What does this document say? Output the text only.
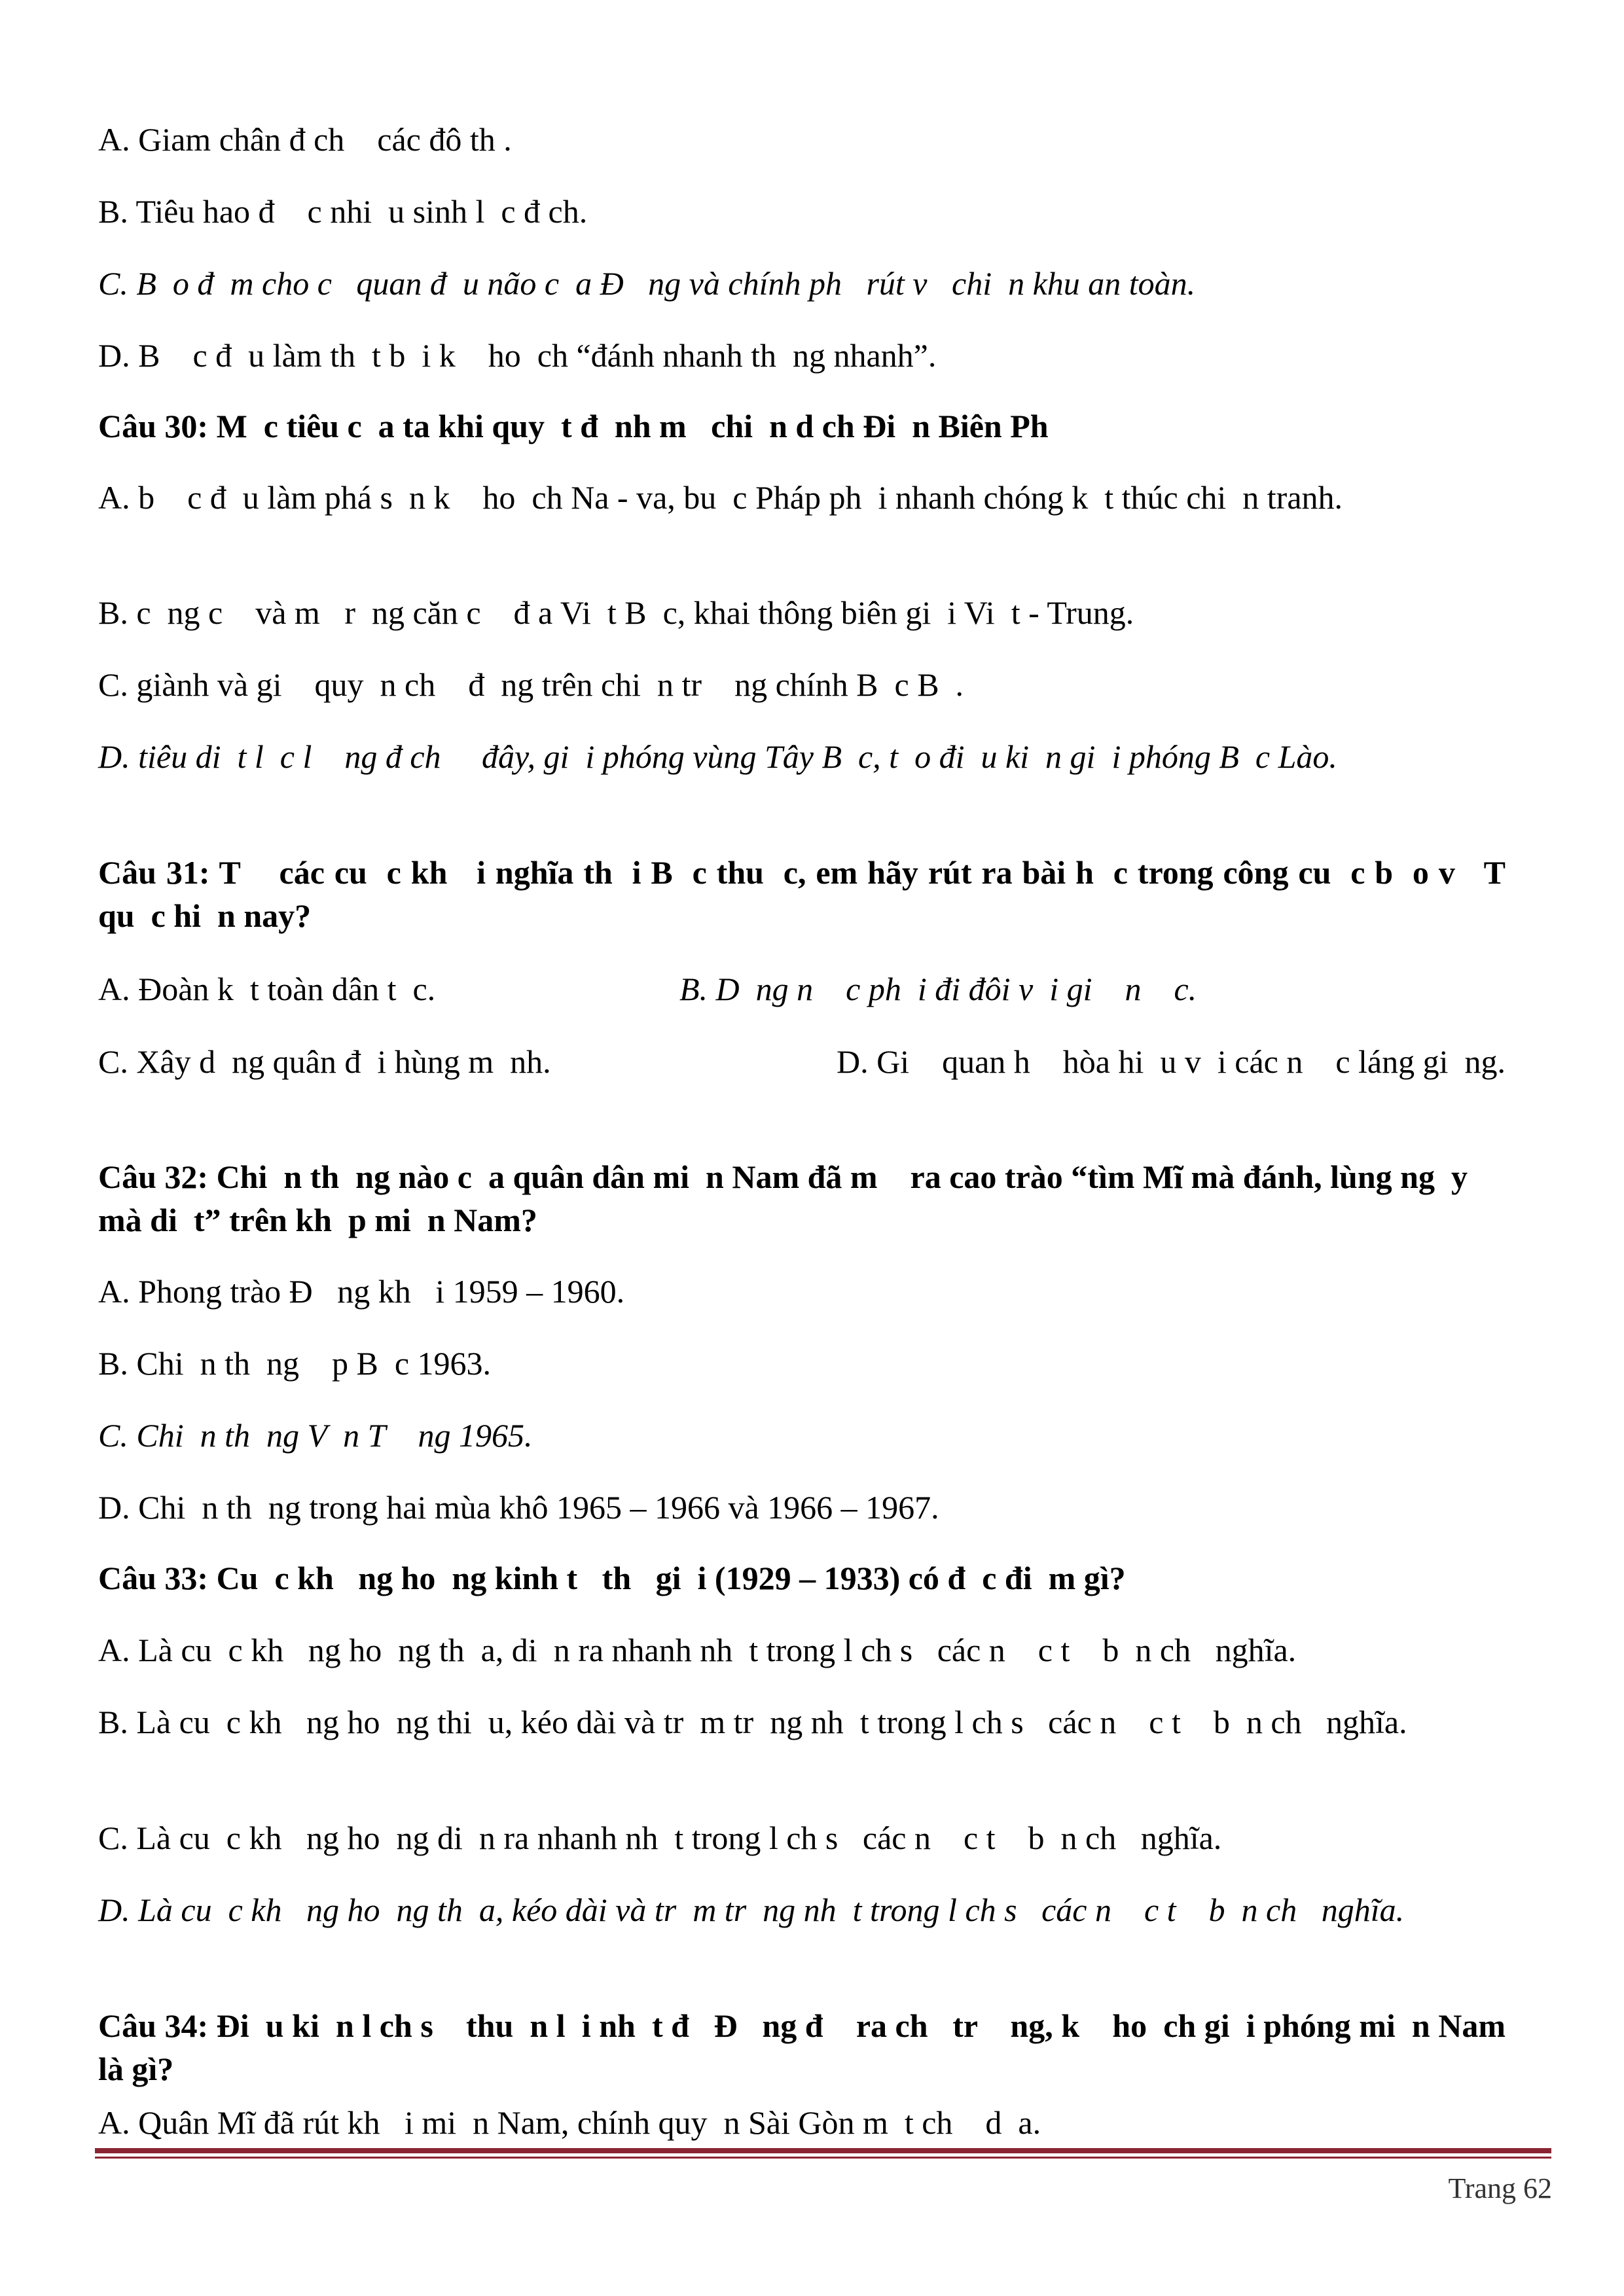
A. Giam chân đ ch    các đô th .

B. Tiêu hao đ    c nhi  u sinh l  c đ ch.

C. B  o đ  m cho c   quan đ  u não c  a Đ   ng và chính ph   rút v   chi  n khu an toàn.

D. B    c đ  u làm th  t b  i k    ho  ch “đánh nhanh th  ng nhanh”.

Câu 30: M  c tiêu c  a ta khi quy  t đ  nh m   chi  n d ch Đi  n Biên Ph

A. b    c đ  u làm phá s  n k    ho  ch Na - va, bu  c Pháp ph  i nhanh chóng k  t thúc chi  n tranh.

B. c  ng c    và m   r  ng căn c    đ a Vi  t B  c, khai thông biên gi  i Vi  t - Trung.

C. giành và gi    quy  n ch    đ  ng trên chi  n tr    ng chính B  c B  .

D. tiêu di  t l  c l    ng đ ch     đây, gi  i phóng vùng Tây B  c, t  o đi  u ki  n gi  i phóng B  c Lào.

Câu 31: T    các cu  c kh   i nghĩa th  i B  c thu  c, em hãy rút ra bài h  c trong công cu  c b  o v   T    qu  c hi  n nay?

A. Đoàn k  t toàn dân t  c.	B. D  ng n    c ph  i đi đôi v  i gi    n    c.
C. Xây d  ng quân đ  i hùng m  nh.	D. Gi    quan h    hòa hi  u v  i các n    c láng gi  ng.

Câu 32: Chi  n th  ng nào c  a quân dân mi  n Nam đã m    ra cao trào “tìm Mĩ mà đánh, lùng ng  y mà di  t” trên kh  p mi  n Nam?

A. Phong trào Đ   ng kh   i 1959 – 1960.

B. Chi  n th  ng    p B  c 1963.

C. Chi  n th  ng V  n T    ng 1965.

D. Chi  n th  ng trong hai mùa khô 1965 – 1966 và 1966 – 1967.

Câu 33: Cu  c kh   ng ho  ng kinh t   th   gi  i (1929 – 1933) có đ  c đi  m gì?

A. Là cu  c kh   ng ho  ng th  a, di  n ra nhanh nh  t trong l ch s   các n    c t    b  n ch   nghĩa.

B. Là cu  c kh   ng ho  ng thi  u, kéo dài và tr  m tr  ng nh  t trong l ch s   các n    c t    b  n ch   nghĩa.

C. Là cu  c kh   ng ho  ng di  n ra nhanh nh  t trong l ch s   các n    c t    b  n ch   nghĩa.

D. Là cu  c kh   ng ho  ng th  a, kéo dài và tr  m tr  ng nh  t trong l ch s   các n    c t    b  n ch   nghĩa.

Câu 34: Đi  u ki  n l ch s    thu  n l  i nh  t đ   Đ   ng đ    ra ch   tr    ng, k    ho  ch gi  i phóng mi  n Nam là gì?

A. Quân Mĩ đã rút kh   i mi  n Nam, chính quy  n Sài Gòn m  t ch    d  a.

Trang 62
